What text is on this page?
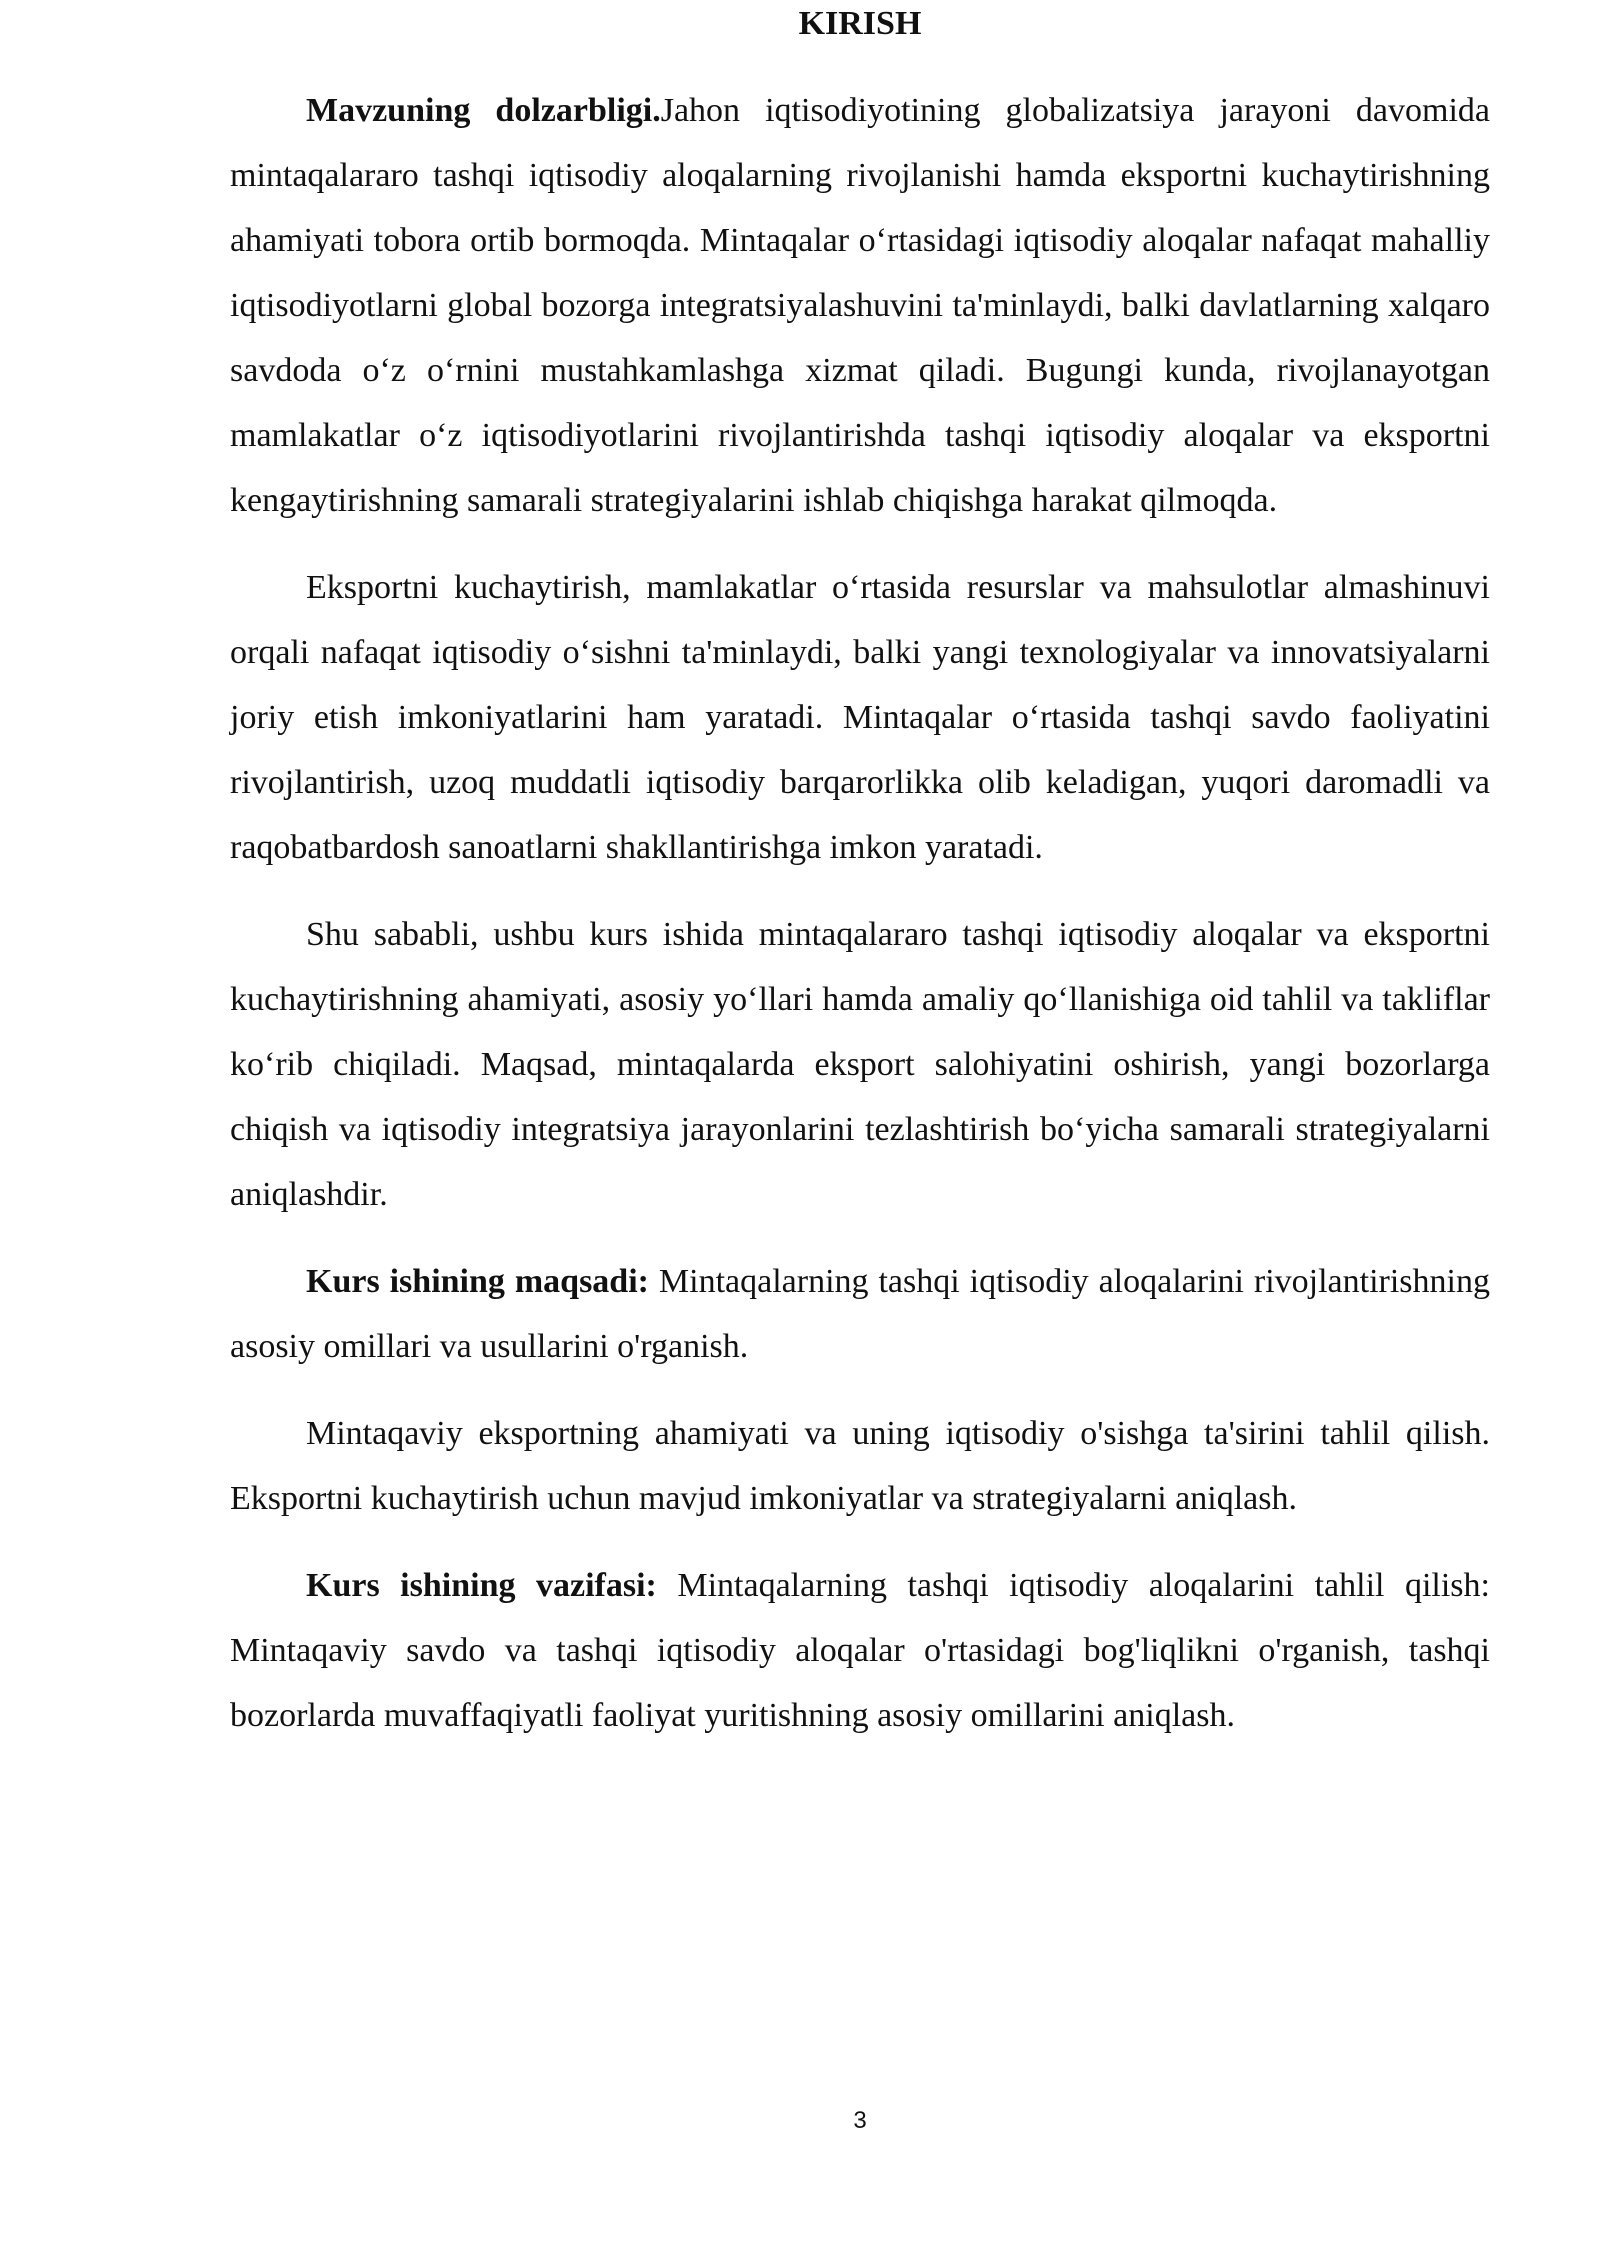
KIRISH

Mavzuning dolzarbligi.Jahon iqtisodiyotining globalizatsiya jarayoni davomida mintaqalararo tashqi iqtisodiy aloqalarning rivojlanishi hamda eksportni kuchaytirishning ahamiyati tobora ortib bormoqda. Mintaqalar o‘rtasidagi iqtisodiy aloqalar nafaqat mahalliy iqtisodiyotlarni global bozorga integratsiyalashuvini ta'minlaydi, balki davlatlarning xalqaro savdoda o‘z o‘rnini mustahkamlashga xizmat qiladi. Bugungi kunda, rivojlanayotgan mamlakatlar o‘z iqtisodiyotlarini rivojlantirishda tashqi iqtisodiy aloqalar va eksportni kengaytirishning samarali strategiyalarini ishlab chiqishga harakat qilmoqda.

Eksportni kuchaytirish, mamlakatlar o‘rtasida resurslar va mahsulotlar almashinuvi orqali nafaqat iqtisodiy o‘sishni ta'minlaydi, balki yangi texnologiyalar va innovatsiyalarni joriy etish imkoniyatlarini ham yaratadi. Mintaqalar o‘rtasida tashqi savdo faoliyatini rivojlantirish, uzoq muddatli iqtisodiy barqarorlikka olib keladigan, yuqori daromadli va raqobatbardosh sanoatlarni shakllantirishga imkon yaratadi.

Shu sababli, ushbu kurs ishida mintaqalararo tashqi iqtisodiy aloqalar va eksportni kuchaytirishning ahamiyati, asosiy yo‘llari hamda amaliy qo‘llanishiga oid tahlil va takliflar ko‘rib chiqiladi. Maqsad, mintaqalarda eksport salohiyatini oshirish, yangi bozorlarga chiqish va iqtisodiy integratsiya jarayonlarini tezlashtirish bo‘yicha samarali strategiyalarni aniqlashdir.

Kurs ishining maqsadi: Mintaqalarning tashqi iqtisodiy aloqalarini rivojlantirishning asosiy omillari va usullarini o'rganish.

Mintaqaviy eksportning ahamiyati va uning iqtisodiy o'sishga ta'sirini tahlil qilish. Eksportni kuchaytirish uchun mavjud imkoniyatlar va strategiyalarni aniqlash.

Kurs ishining vazifasi: Mintaqalarning tashqi iqtisodiy aloqalarini tahlil qilish: Mintaqaviy savdo va tashqi iqtisodiy aloqalar o'rtasidagi bog'liqlikni o'rganish, tashqi bozorlarda muvaffaqiyatli faoliyat yuritishning asosiy omillarini aniqlash.

3
